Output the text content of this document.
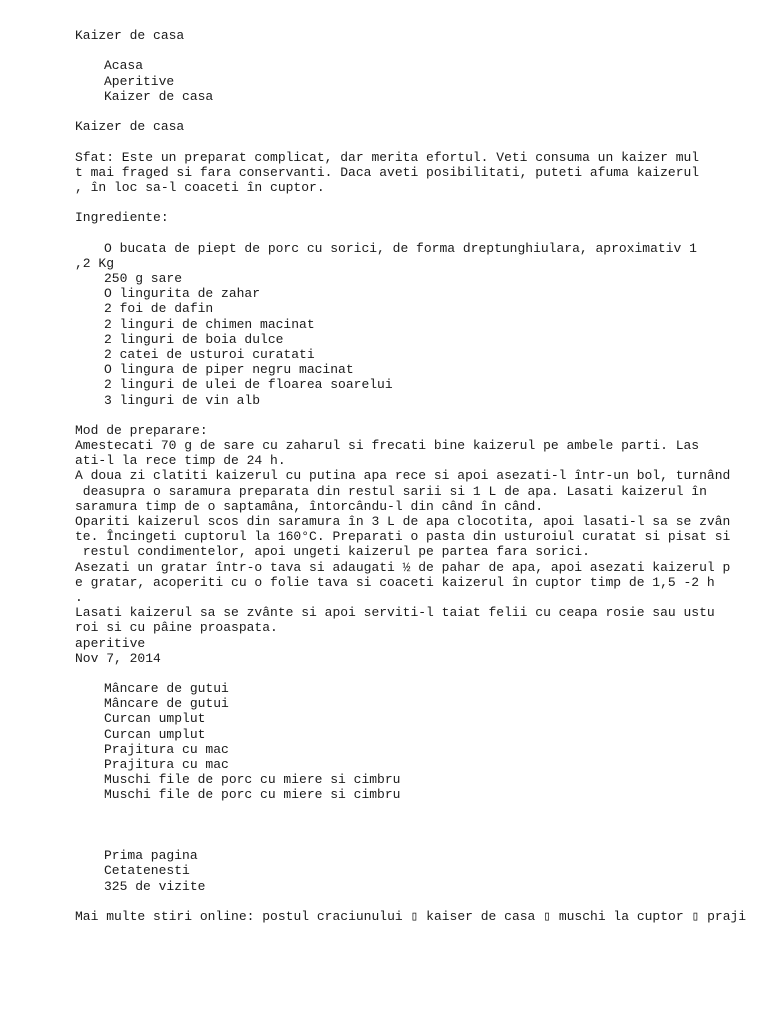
Kaizer de casa
Acasa
Aperitive
Kaizer de casa
Kaizer de casa
Sfat: Este un preparat complicat, dar merita efortul. Veti consuma un kaizer mul
t mai fraged si fara conservanti. Daca aveti posibilitati, puteti afuma kaizerul
, în loc sa-l coaceti în cuptor.
Ingrediente:
O bucata de piept de porc cu sorici, de forma dreptunghiulara, aproximativ 1
,2 Kg
250 g sare
O lingurita de zahar
2 foi de dafin
2 linguri de chimen macinat
2 linguri de boia dulce
2 catei de usturoi curatati
O lingura de piper negru macinat
2 linguri de ulei de floarea soarelui
3 linguri de vin alb
Mod de preparare:
Amestecati 70 g de sare cu zaharul si frecati bine kaizerul pe ambele parti. Las
ati-l la rece timp de 24 h.
A doua zi clatiti kaizerul cu putina apa rece si apoi asezati-l într-un bol, turnând
deasupra o saramura preparata din restul sarii si 1 L de apa. Lasati kaizerul în
saramura timp de o saptamâna, întorcându-l din când în când.
Opariti kaizerul scos din saramura în 3 L de apa clocotita, apoi lasati-l sa se zvân
te. Încingeti cuptorul la 160°C. Preparati o pasta din usturoiul curatat si pisat si
restul condimentelor, apoi ungeti kaizerul pe partea fara sorici.
Asezati un gratar într-o tava si adaugati ½ de pahar de apa, apoi asezati kaizerul p
e gratar, acoperiti cu o folie tava si coaceti kaizerul în cuptor timp de 1,5 -2 h
.
Lasati kaizerul sa se zvânte si apoi serviti-l taiat felii cu ceapa rosie sau ustu
roi si cu pâine proaspata.
aperitive
Nov 7, 2014
Mâncare de gutui
Mâncare de gutui
Curcan umplut
Curcan umplut
Prajitura cu mac
Prajitura cu mac
Muschi file de porc cu miere si cimbru
Muschi file de porc cu miere si cimbru
Prima pagina
Cetatenesti
325 de vizite
Mai multe stiri online: postul craciunului ▯ kaiser de casa ▯ muschi la cuptor ▯ praji
